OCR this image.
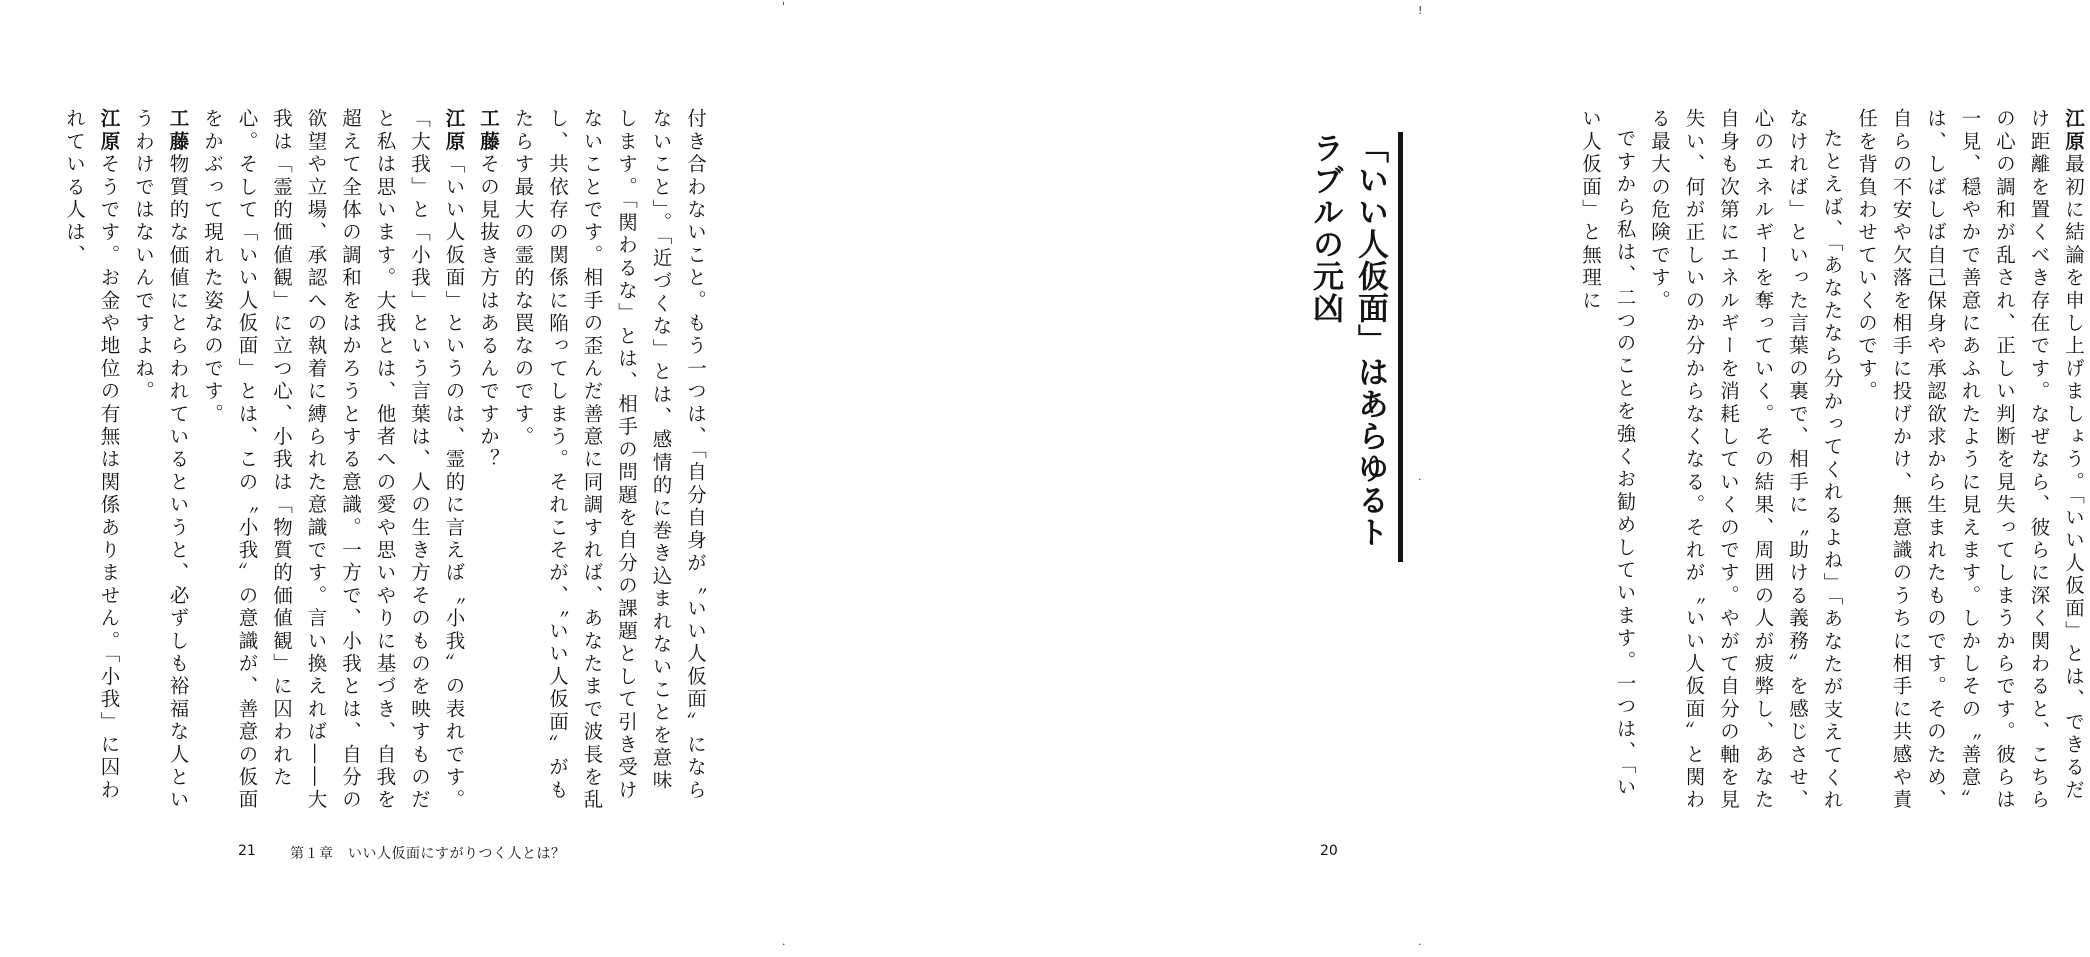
付き合わないこと。もう一つは、「自分自身が〝いい人仮面〟にならないこと」。「近づくな」とは、感情的に巻き込まれないことを意味します。「関わるな」とは、相手の問題を自分の課題として引き受けないことです。相手の歪んだ善意に同調すれば、あなたまで波長を乱し、共依存の関係に陥ってしまう。それこそが、〝いい人仮面〟がもたらす最大の霊的な罠なのです。

工藤その見抜き方はあるんですか？

江原「いい人仮面」というのは、霊的に言えば〝小我〟の表れです。「大我」と「小我」という言葉は、人の生き方そのものを映すものだと私は思います。大我とは、他者への愛や思いやりに基づき、自我を超えて全体の調和をはかろうとする意識。一方で、小我とは、自分の欲望や立場、承認への執着に縛られた意識です。言い換えれば――大我は「霊的価値観」に立つ心、小我は「物質的価値観」に囚われた心。そして「いい人仮面」とは、この〝小我〟の意識が、善意の仮面をかぶって現れた姿なのです。

工藤物質的な価値にとらわれているというと、必ずしも裕福な人というわけではないんですよね。

江原そうです。お金や地位の有無は関係ありません。「小我」に囚われている人は、

21 第１章　いい人仮面にすがりつく人とは？
「いい人仮面」はあらゆるトラブルの元凶

江原最初に結論を申し上げましょう。「いい人仮面」とは、できるだけ距離を置くべき存在です。なぜなら、彼らに深く関わると、こちらの心の調和が乱され、正しい判断を見失ってしまうからです。彼らは一見、穏やかで善意にあふれたように見えます。しかしその〝善意〟は、しばしば自己保身や承認欲求から生まれたものです。そのため、自らの不安や欠落を相手に投げかけ、無意識のうちに相手に共感や責任を背負わせていくのです。

たとえば、「あなたなら分かってくれるよね」「あなたが支えてくれなければ」といった言葉の裏で、相手に〝助ける義務〟を感じさせ、心のエネルギーを奪っていく。その結果、周囲の人が疲弊し、あなた自身も次第にエネルギーを消耗していくのです。やがて自分の軸を見失い、何が正しいのか分からなくなる。それが〝いい人仮面〟と関わる最大の危険です。

ですから私は、二つのことを強くお勧めしています。一つは、「いい人仮面」と無理に

20
'	!
.
.	.
